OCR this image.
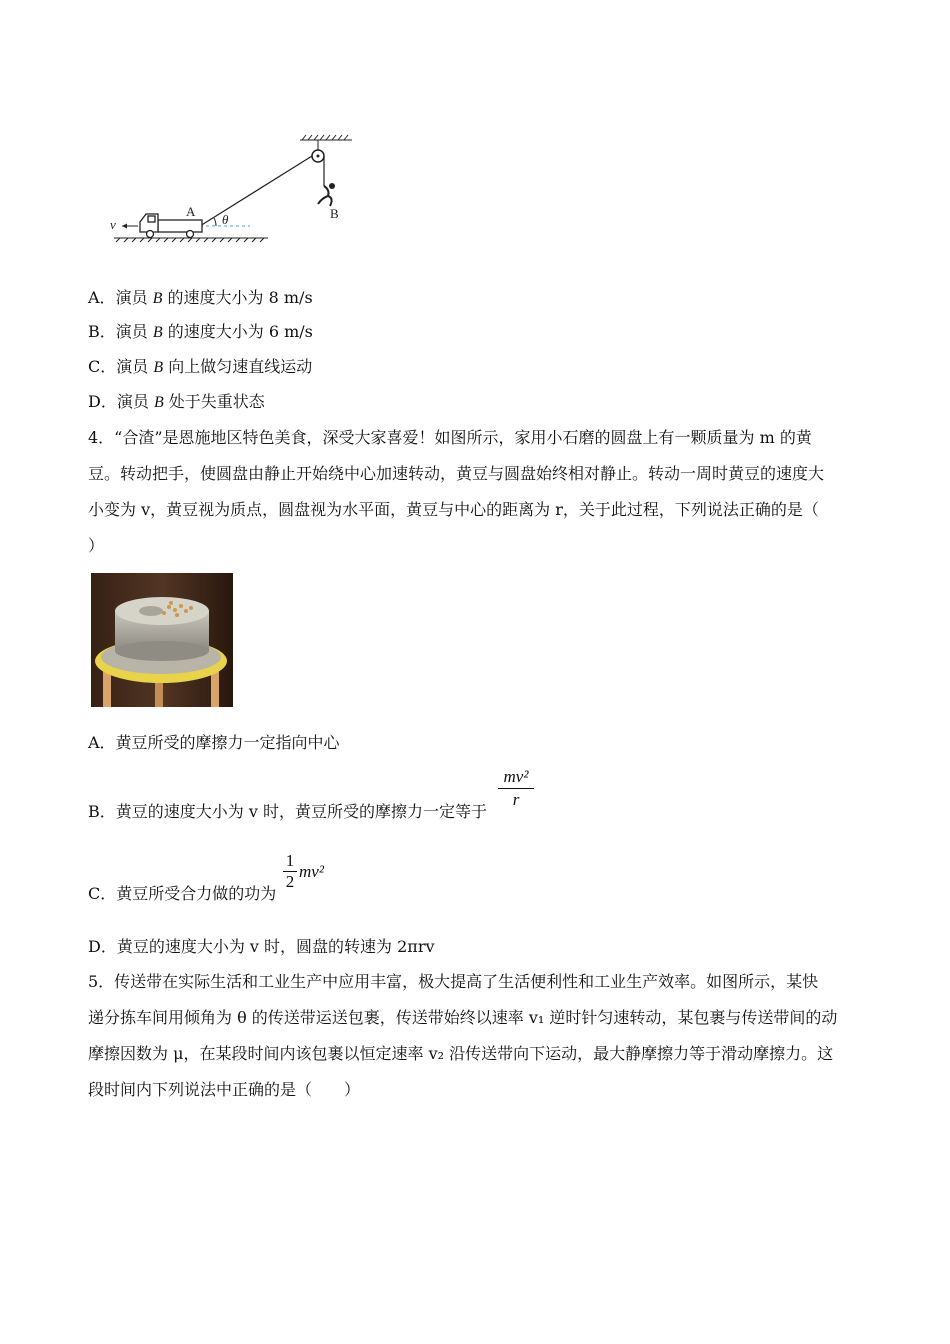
B
θ
A
v
A．演员 B 的速度大小为 8 m/s
B．演员 B 的速度大小为 6 m/s
C．演员 B 向上做匀速直线运动
D．演员 B 处于失重状态
4．“合渣”是恩施地区特色美食，深受大家喜爱！如图所示，家用小石磨的圆盘上有一颗质量为 m 的黄
豆。转动把手，使圆盘由静止开始绕中心加速转动，黄豆与圆盘始终相对静止。转动一周时黄豆的速度大
小变为 v，黄豆视为质点，圆盘视为水平面，黄豆与中心的距离为 r，关于此过程，下列说法正确的是（
）
A．黄豆所受的摩擦力一定指向中心
B．黄豆的速度大小为 v 时，黄豆所受的摩擦力一定等于
mv²
r
C．黄豆所受合力做的功为
1
2
mv²
D．黄豆的速度大小为 v 时，圆盘的转速为 2πrv
5．传送带在实际生活和工业生产中应用丰富，极大提高了生活便利性和工业生产效率。如图所示，某快
递分拣车间用倾角为 θ 的传送带运送包裹，传送带始终以速率 v₁ 逆时针匀速转动，某包裹与传送带间的动
摩擦因数为 μ，在某段时间内该包裹以恒定速率 v₂ 沿传送带向下运动，最大静摩擦力等于滑动摩擦力。这
段时间内下列说法中正确的是（　　）
